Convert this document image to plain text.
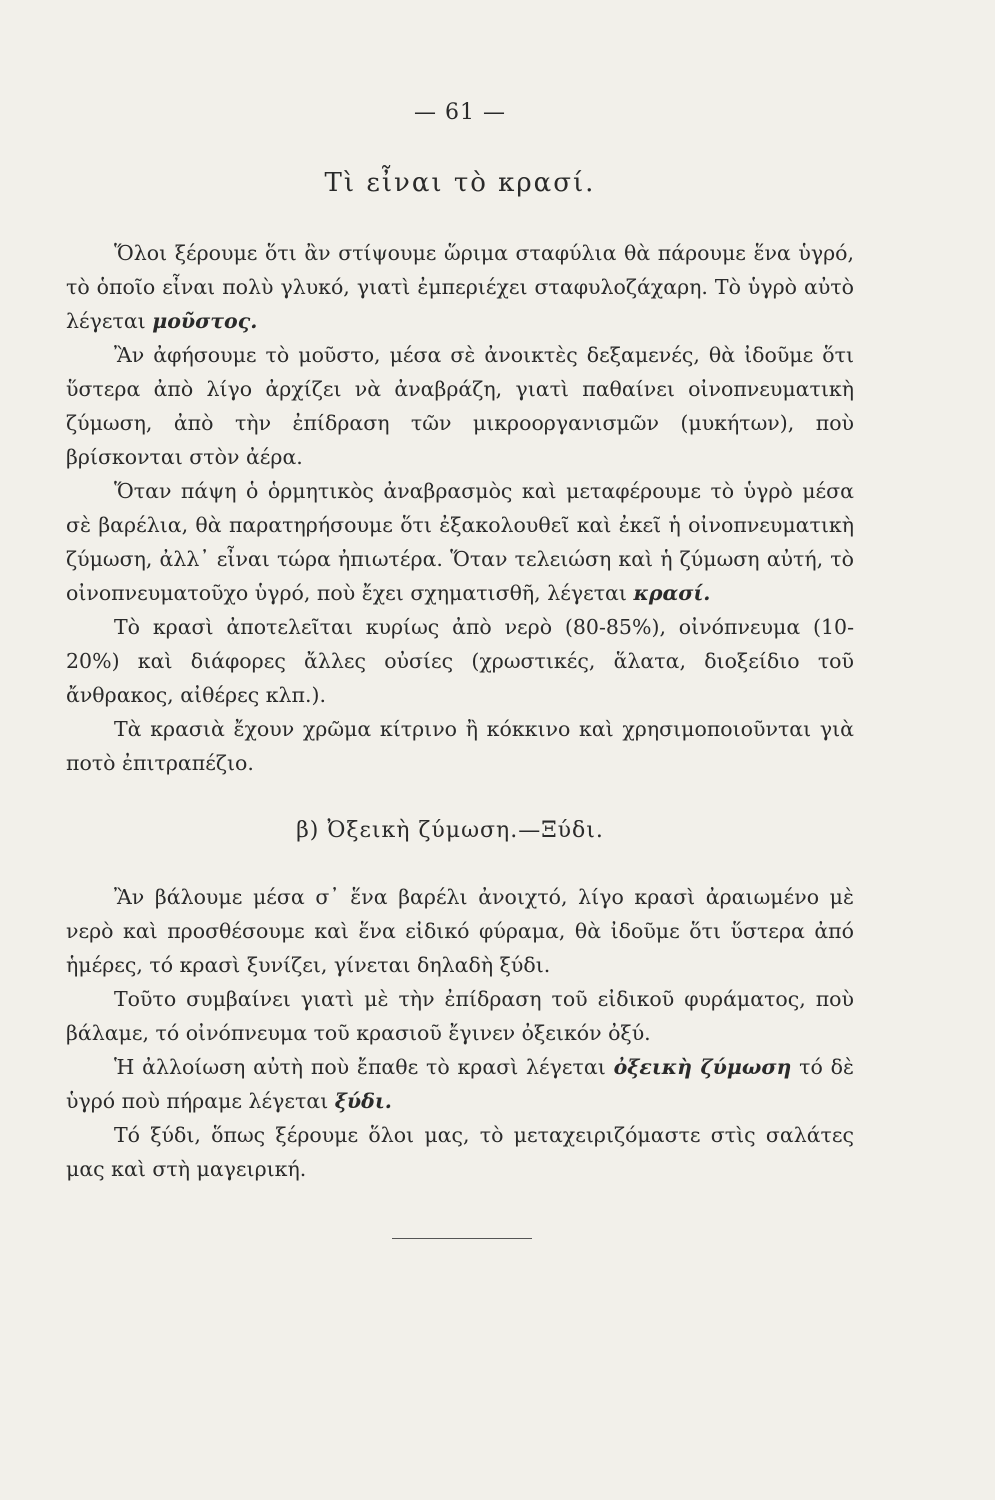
— 61 —
Τὶ εἶναι τὸ κρασί.

Ὅλοι ξέρουμε ὅτι ἂν στίψουμε ὥριμα σταφύλια θὰ πάρουμε ἕνα ὑγρό, τὸ ὁποῖο εἶναι πολὺ γλυκό, γιατὶ ἐμπεριέχει σταφυλοζάχαρη. Τὸ ὑγρὸ αὐτὸ λέγεται μοῦστος.

Ἂν ἀφήσουμε τὸ μοῦστο, μέσα σὲ ἀνοικτὲς δεξαμενές, θὰ ἰδοῦμε ὅτι ὕστερα ἀπὸ λίγο ἀρχίζει νὰ ἀναβράζη, γιατὶ παθαίνει οἰνοπνευματικὴ ζύμωση, ἀπὸ τὴν ἐπίδραση τῶν μικροοργανισμῶν (μυκήτων), ποὺ βρίσκονται στὸν ἀέρα.

Ὅταν πάψη ὁ ὁρμητικὸς ἀναβρασμὸς καὶ μεταφέρουμε τὸ ὑγρὸ μέσα σὲ βαρέλια, θὰ παρατηρήσουμε ὅτι ἐξακολουθεῖ καὶ ἐκεῖ ἡ οἰνοπνευματικὴ ζύμωση, ἀλλ᾿ εἶναι τώρα ἠπιωτέρα. Ὅταν τελειώση καὶ ἡ ζύμωση αὐτή, τὸ οἰνοπνευματοῦχο ὑγρό, ποὺ ἔχει σχηματισθῆ, λέγεται κρασί.

Τὸ κρασὶ ἀποτελεῖται κυρίως ἀπὸ νερὸ (80-85%), οἰνόπνευμα (10-20%) καὶ διάφορες ἄλλες οὐσίες (χρωστικές, ἅλατα, διοξείδιο τοῦ ἄνθρακος, αἰθέρες κλπ.).

Τὰ κρασιὰ ἔχουν χρῶμα κίτρινο ἢ κόκκινο καὶ χρησιμοποιοῦνται γιὰ ποτὸ ἐπιτραπέζιο.

β) Ὀξεικὴ ζύμωση.—Ξύδι.

Ἂν βάλουμε μέσα σ᾿ ἕνα βαρέλι ἀνοιχτό, λίγο κρασὶ ἀραιωμένο μὲ νερὸ καὶ προσθέσουμε καὶ ἕνα εἰδικό φύραμα, θὰ ἰδοῦμε ὅτι ὕστερα ἀπό ἡμέρες, τό κρασὶ ξυνίζει, γίνεται δηλαδὴ ξύδι.

Τοῦτο συμβαίνει γιατὶ μὲ τὴν ἐπίδραση τοῦ εἰδικοῦ φυράματος, ποὺ βάλαμε, τό οἰνόπνευμα τοῦ κρασιοῦ ἔγινεν ὀξεικόν ὀξύ.

Ἡ ἀλλοίωση αὐτὴ ποὺ ἔπαθε τὸ κρασὶ λέγεται ὀξεικὴ ζύμωση τό δὲ ὑγρό ποὺ πήραμε λέγεται ξύδι.

Τό ξύδι, ὅπως ξέρουμε ὅλοι μας, τὸ μεταχειριζόμαστε στὶς σαλάτες μας καὶ στὴ μαγειρική.
